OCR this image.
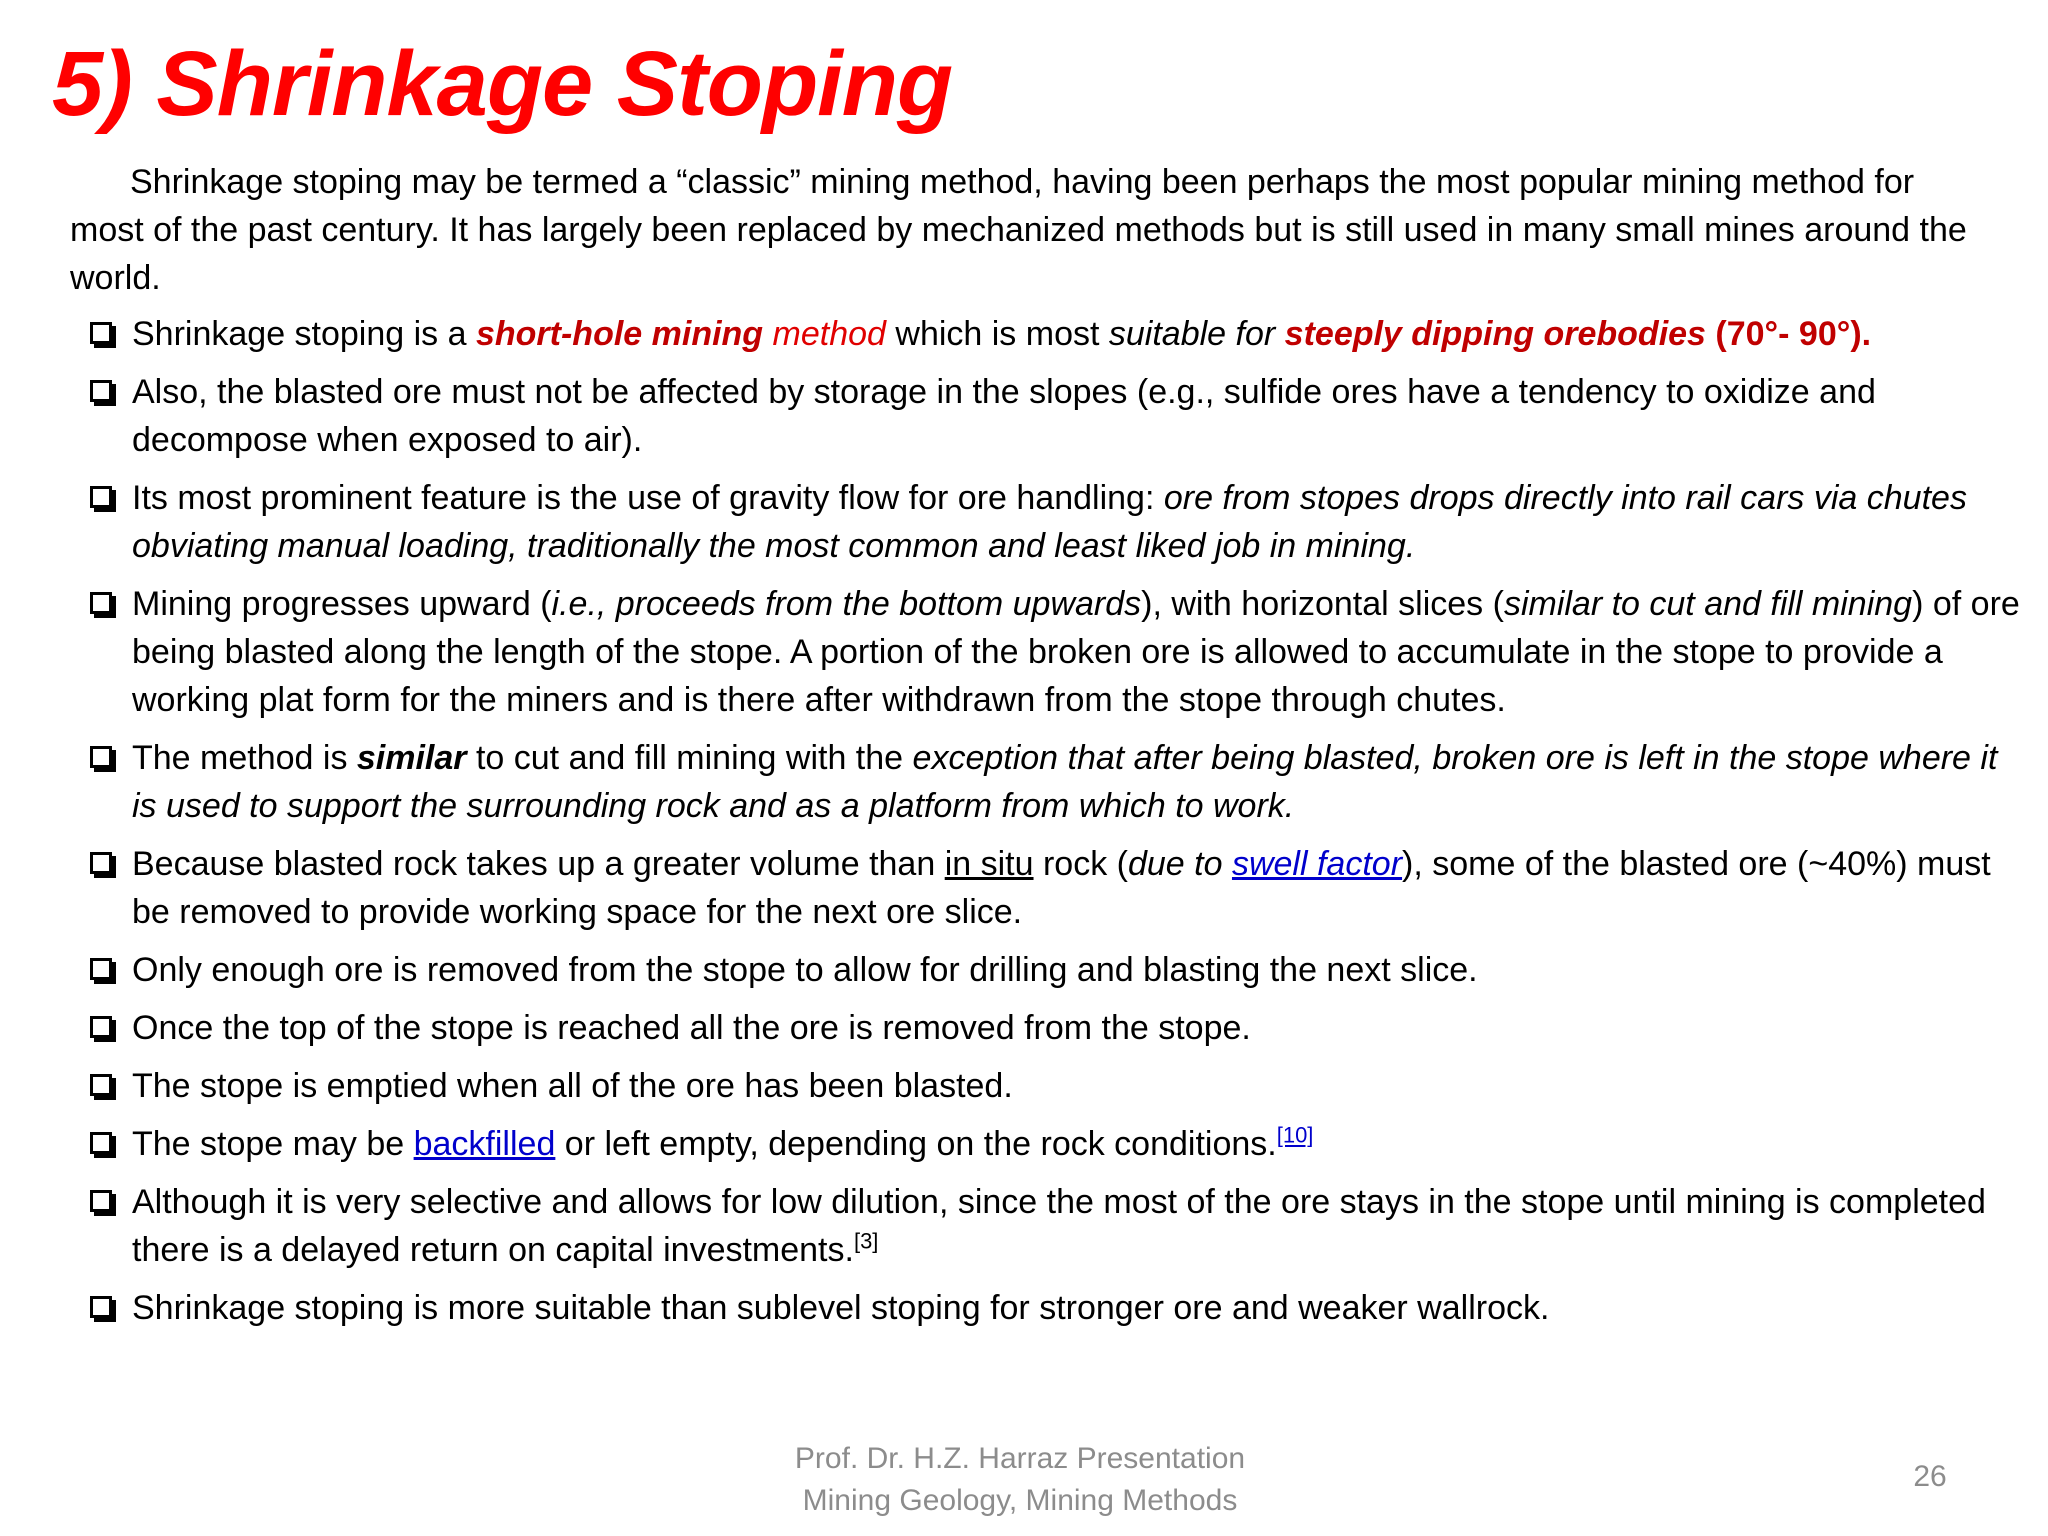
5) Shrinkage Stoping
Shrinkage stoping may be termed a “classic” mining method, having been perhaps the most popular mining method for most of the past century. It has largely been replaced by mechanized methods but is still used in many small mines around the world.
Shrinkage stoping is a short-hole mining method which is most suitable for steeply dipping orebodies (70°- 90°).
Also, the blasted ore must not be affected by storage in the slopes (e.g., sulfide ores have a tendency to oxidize and decompose when exposed to air).
Its most prominent feature is the use of gravity flow for ore handling: ore from stopes drops directly into rail cars via chutes obviating manual loading, traditionally the most common and least liked job in mining.
Mining progresses upward (i.e., proceeds from the bottom upwards), with horizontal slices (similar to cut and fill mining) of ore being blasted along the length of the stope. A portion of the broken ore is allowed to accumulate in the stope to provide a working plat form for the miners and is there after withdrawn from the stope through chutes.
The method is similar to cut and fill mining with the exception that after being blasted, broken ore is left in the stope where it is used to support the surrounding rock and as a platform from which to work.
Because blasted rock takes up a greater volume than in situ rock (due to swell factor), some of the blasted ore (~40%) must be removed to provide working space for the next ore slice.
Only enough ore is removed from the stope to allow for drilling and blasting the next slice.
Once the top of the stope is reached all the ore is removed from the stope.
The stope is emptied when all of the ore has been blasted.
The stope may be backfilled or left empty, depending on the rock conditions.[10]
Although it is very selective and allows for low dilution, since the most of the ore stays in the stope until mining is completed there is a delayed return on capital investments.[3]
Shrinkage stoping is more suitable than sublevel stoping for stronger ore and weaker wallrock.
Prof. Dr. H.Z. Harraz Presentation
Mining Geology, Mining Methods
26
